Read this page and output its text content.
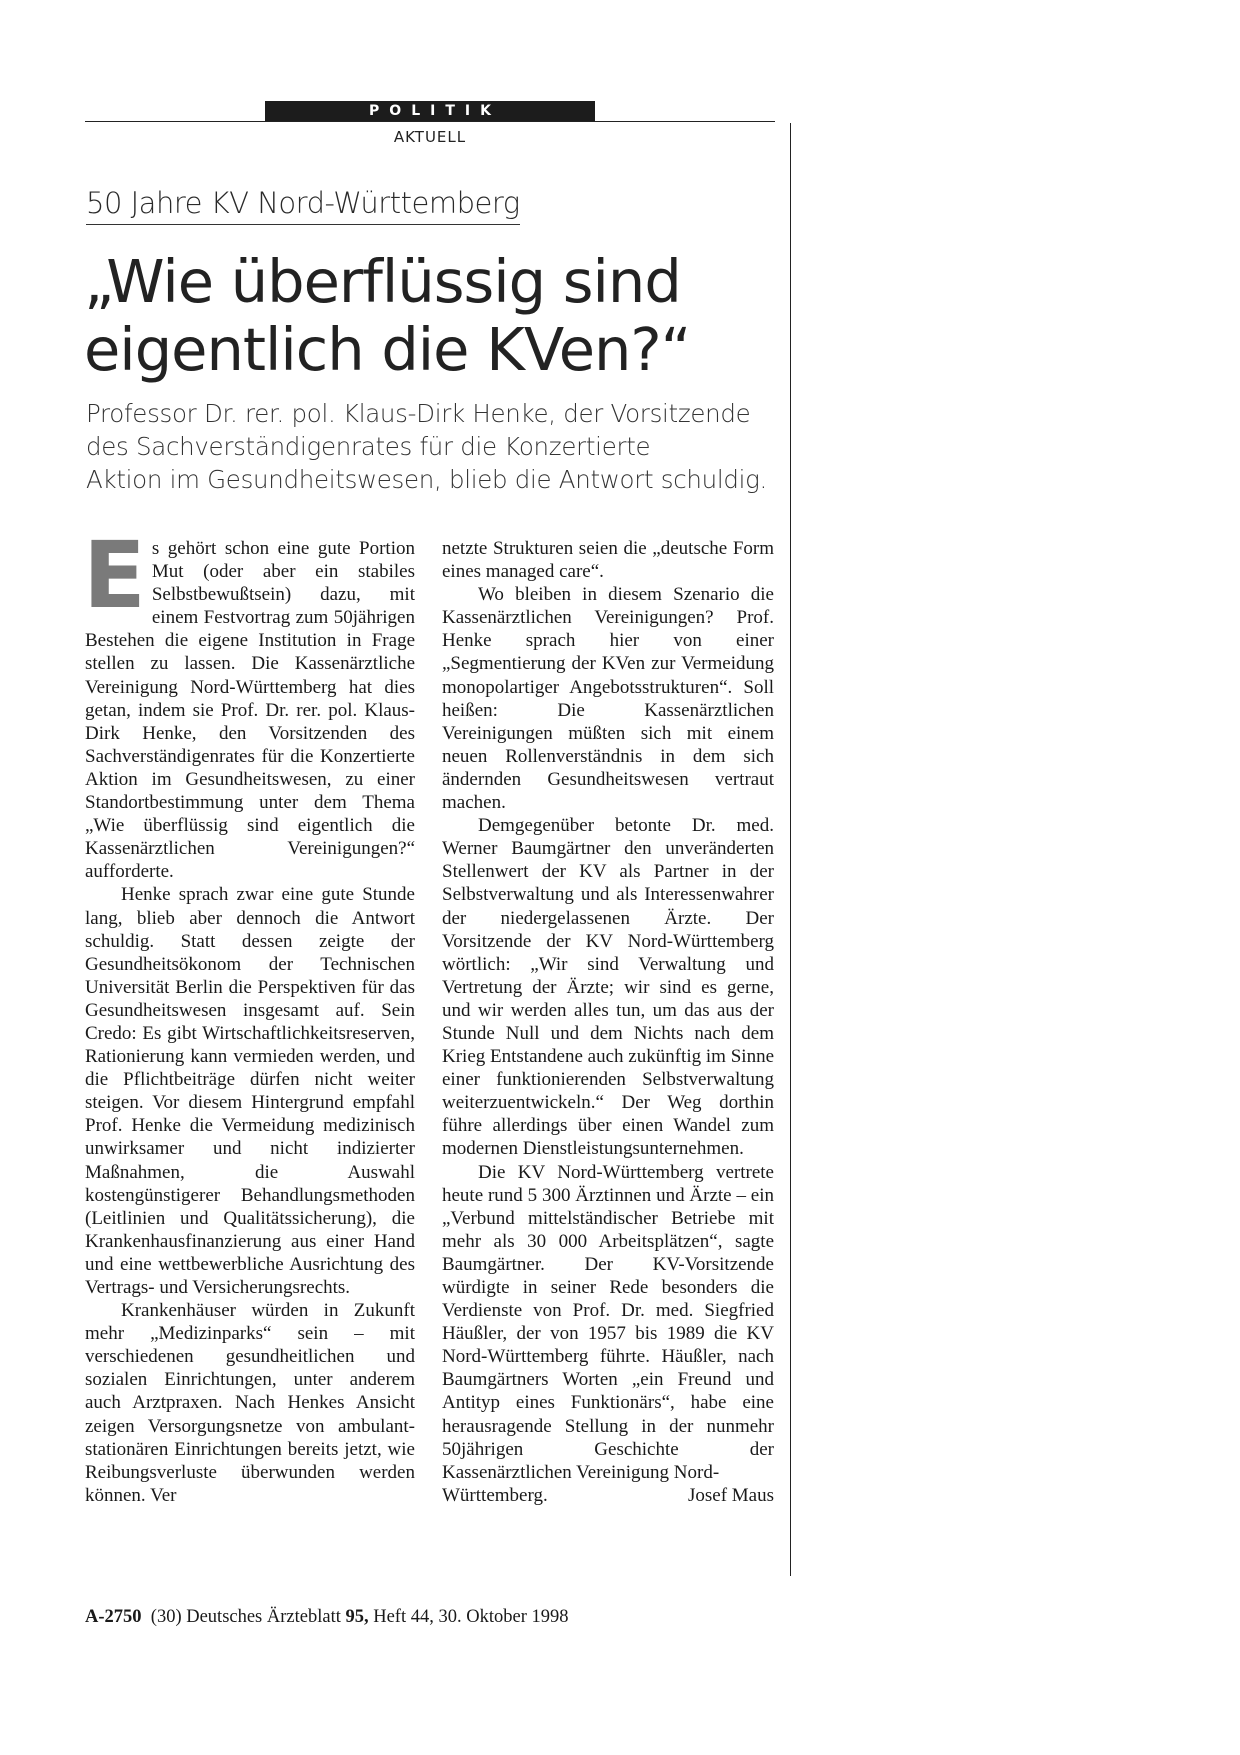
POLITIK
AKTUELL
50 Jahre KV Nord-Württemberg
„Wie überflüssig sind
eigentlich die KVen?“

Professor Dr. rer. pol. Klaus-Dirk Henke, der Vorsitzende
des Sachverständigenrates für die Konzertierte
Aktion im Gesundheitswesen, blieb die Antwort schuldig.

Es gehört schon eine gute Portion Mut (oder aber ein stabiles Selbstbewußtsein) dazu, mit einem Festvortrag zum 50jährigen Bestehen die eigene Institution in Frage stellen zu lassen. Die Kassenärztliche Vereinigung Nord-Württemberg hat dies getan, indem sie Prof. Dr. rer. pol. Klaus-Dirk Henke, den Vorsitzenden des Sachverständigenrates für die Konzertierte Aktion im Gesundheitswesen, zu einer Standortbestimmung unter dem Thema „Wie überflüssig sind eigentlich die Kassenärztlichen Vereinigungen?“ aufforderte.

Henke sprach zwar eine gute Stunde lang, blieb aber dennoch die Antwort schuldig. Statt dessen zeigte der Gesundheitsökonom der Technischen Universität Berlin die Perspektiven für das Gesundheitswesen insgesamt auf. Sein Credo: Es gibt Wirtschaftlichkeitsreserven, Rationierung kann vermieden werden, und die Pflichtbeiträge dürfen nicht weiter steigen. Vor diesem Hintergrund empfahl Prof. Henke die Vermeidung medizinisch unwirksamer und nicht indizierter Maßnahmen, die Auswahl kostengünstigerer Behandlungsmethoden (Leitlinien und Qualitätssicherung), die Krankenhausfinanzierung aus einer Hand und eine wettbewerbliche Ausrichtung des Vertrags- und Versicherungsrechts.

Krankenhäuser würden in Zukunft mehr „Medizinparks“ sein – mit verschiedenen gesundheitlichen und sozialen Einrichtungen, unter anderem auch Arztpraxen. Nach Henkes Ansicht zeigen Versorgungsnetze von ambulant-stationären Einrichtungen bereits jetzt, wie Reibungsverluste überwunden werden können. Ver

netzte Strukturen seien die „deutsche Form eines managed care“.

Wo bleiben in diesem Szenario die Kassenärztlichen Vereinigungen? Prof. Henke sprach hier von einer „Segmentierung der KVen zur Vermeidung monopolartiger Angebotsstrukturen“. Soll heißen: Die Kassenärztlichen Vereinigungen müßten sich mit einem neuen Rollenverständnis in dem sich ändernden Gesundheitswesen vertraut machen.

Demgegenüber betonte Dr. med. Werner Baumgärtner den unveränderten Stellenwert der KV als Partner in der Selbstverwaltung und als Interessenwahrer der niedergelassenen Ärzte. Der Vorsitzende der KV Nord-Württemberg wörtlich: „Wir sind Verwaltung und Vertretung der Ärzte; wir sind es gerne, und wir werden alles tun, um das aus der Stunde Null und dem Nichts nach dem Krieg Entstandene auch zukünftig im Sinne einer funktionierenden Selbstverwaltung weiterzuentwickeln.“ Der Weg dorthin führe allerdings über einen Wandel zum modernen Dienstleistungsunternehmen.

Die KV Nord-Württemberg vertrete heute rund 5 300 Ärztinnen und Ärzte – ein „Verbund mittelständischer Betriebe mit mehr als 30 000 Arbeitsplätzen“, sagte Baumgärtner. Der KV-Vorsitzende würdigte in seiner Rede besonders die Verdienste von Prof. Dr. med. Siegfried Häußler, der von 1957 bis 1989 die KV Nord-Württemberg führte. Häußler, nach Baumgärtners Worten „ein Freund und Antityp eines Funktionärs“, habe eine herausragende Stellung in der nunmehr 50jährigen Geschichte der Kassenärztlichen Vereinigung Nord-

Württemberg.	Josef Maus
A-2750 (30) Deutsches Ärzteblatt 95, Heft 44, 30. Oktober 1998
